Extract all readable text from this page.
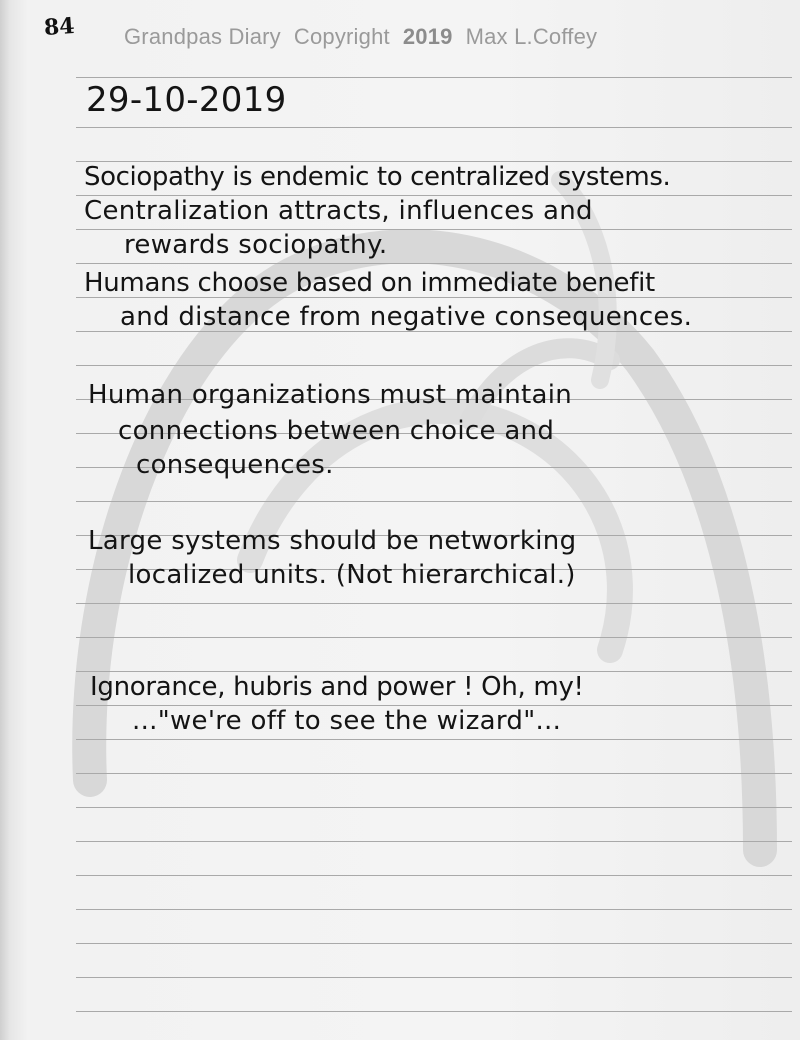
84 Grandpas Diary Copyright 2019 Max L.Coffey
29-10-2019
Sociopathy is endemic to centralized systems.
Centralization attracts, influences and
rewards sociopathy.
Humans choose based on immediate benefit
and distance from negative consequences.
Human organizations must maintain
connections between choice and
consequences.
Large systems should be networking
localized units. (Not hierarchical.)
Ignorance, hubris and power ! Oh, my!
..."we're off to see the wizard"...
